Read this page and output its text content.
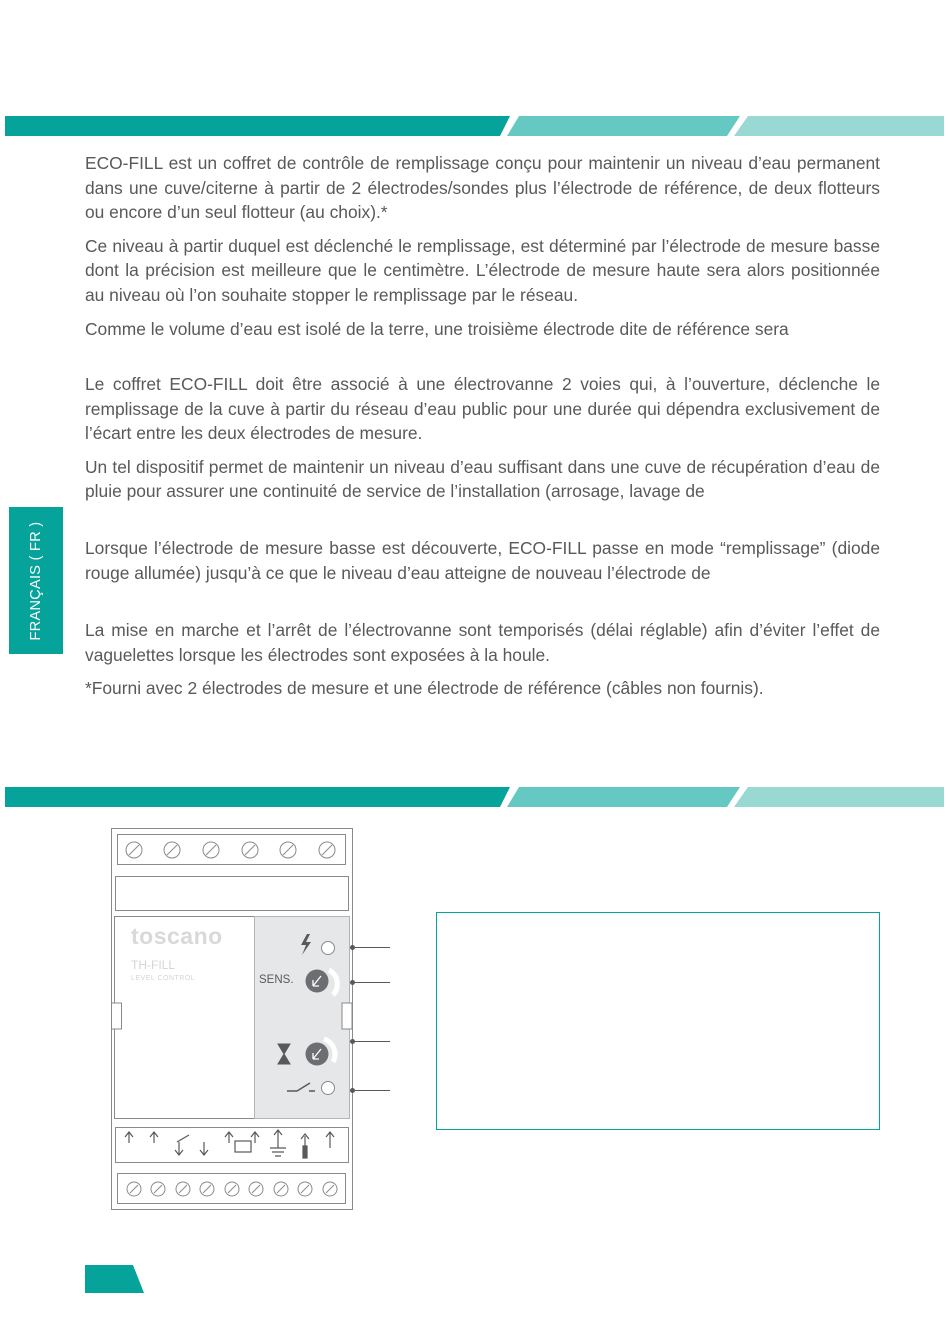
ECO-FILL est un coffret de contrôle de remplissage conçu pour maintenir un niveau d’eau permanent dans une cuve/citerne à partir de 2 électrodes/sondes plus l’électrode de référence, de deux flotteurs ou encore d’un seul flotteur (au choix).*

Ce niveau à partir duquel est déclenché le remplissage, est déterminé par l’électrode de mesure basse dont la précision est meilleure que le centimètre. L’électrode de mesure haute sera alors positionnée au niveau où l’on souhaite stopper le remplissage par le réseau.

Comme le volume d’eau est isolé de la terre, une troisième électrode dite de référence sera

Le coffret ECO-FILL doit être associé à une électrovanne 2 voies qui, à l’ouverture, déclenche le remplissage de la cuve à partir du réseau d’eau public pour une durée qui dépendra exclusivement de l’écart entre les deux électrodes de mesure.

Un tel dispositif permet de maintenir un niveau d’eau suffisant dans une cuve de récupération d’eau de pluie pour assurer une continuité de service de l’installation (arrosage, lavage de

Lorsque l’électrode de mesure basse est découverte, ECO-FILL passe en mode “remplissage” (diode rouge allumée) jusqu’à ce que le niveau d’eau atteigne de nouveau l’électrode de

La mise en marche et l’arrêt de l’électrovanne sont temporisés (délai réglable) afin d’éviter l’effet de vaguelettes lorsque les électrodes sont exposées à la houle.

*Fourni avec 2 électrodes de mesure et une électrode de référence (câbles non fournis).

FRANÇAIS ( FR )
toscano
TH-FILL
LEVEL CONTROL	SENS.
